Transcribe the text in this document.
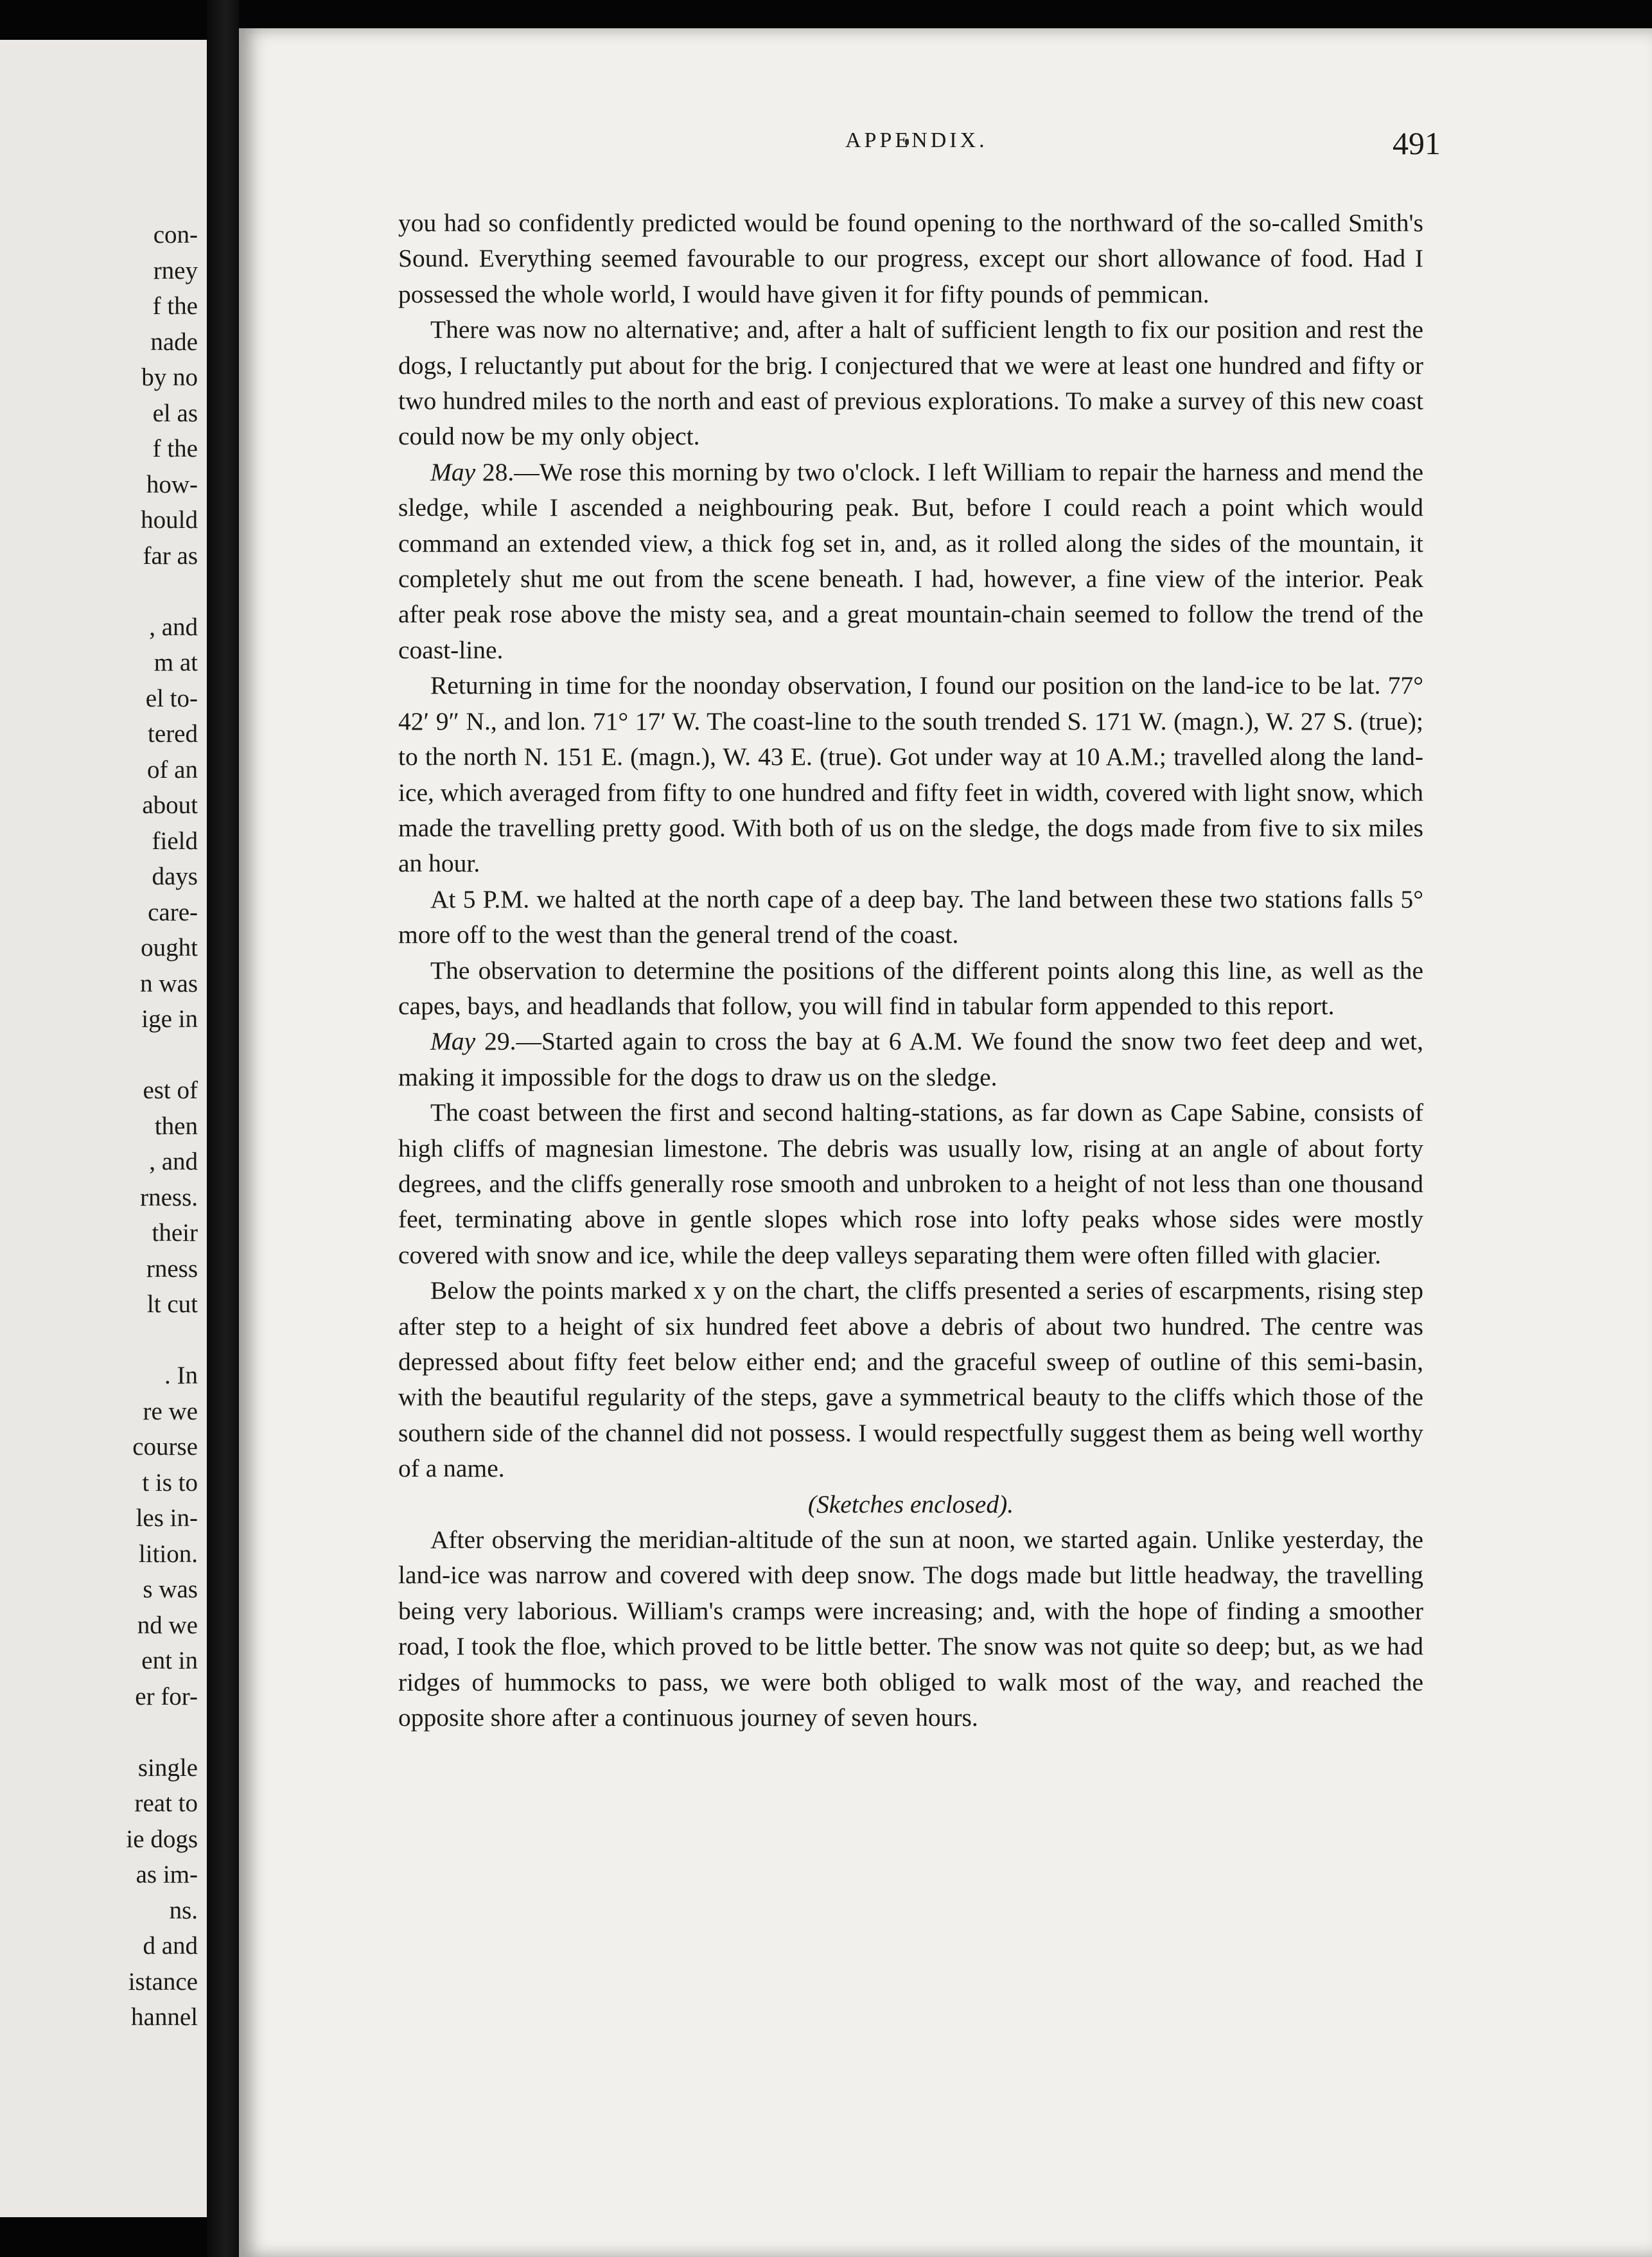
con-
rney
f the
nade
by no
el as
f the
how-
hould
far as
, and
m at
el to-
tered
of an
about
field
days
care-
ought
n was
ige in
est of
then
, and
rness.
their
rness
lt cut
. In
re we
course
t is to
les in-
lition.
s was
nd we
ent in
er for-
single
reat to
ie dogs
as im-
ns.
d and
istance
hannel
APPENDIX.	491

you had so confidently predicted would be found opening to the northward of the so-called Smith's Sound. Everything seemed favourable to our progress, except our short allowance of food. Had I possessed the whole world, I would have given it for fifty pounds of pemmican.

There was now no alternative; and, after a halt of sufficient length to fix our position and rest the dogs, I reluctantly put about for the brig. I conjectured that we were at least one hundred and fifty or two hundred miles to the north and east of previous explorations. To make a survey of this new coast could now be my only object.

May 28.—We rose this morning by two o'clock. I left William to repair the harness and mend the sledge, while I ascended a neighbouring peak. But, before I could reach a point which would command an extended view, a thick fog set in, and, as it rolled along the sides of the mountain, it completely shut me out from the scene beneath. I had, however, a fine view of the interior. Peak after peak rose above the misty sea, and a great mountain-chain seemed to follow the trend of the coast-line.

Returning in time for the noonday observation, I found our position on the land-ice to be lat. 77° 42′ 9″ N., and lon. 71° 17′ W. The coast-line to the south trended S. 171 W. (magn.), W. 27 S. (true); to the north N. 151 E. (magn.), W. 43 E. (true). Got under way at 10 A.M.; travelled along the land-ice, which averaged from fifty to one hundred and fifty feet in width, covered with light snow, which made the travelling pretty good. With both of us on the sledge, the dogs made from five to six miles an hour.

At 5 P.M. we halted at the north cape of a deep bay. The land between these two stations falls 5° more off to the west than the general trend of the coast.

The observation to determine the positions of the different points along this line, as well as the capes, bays, and headlands that follow, you will find in tabular form appended to this report.

May 29.—Started again to cross the bay at 6 A.M. We found the snow two feet deep and wet, making it impossible for the dogs to draw us on the sledge.

The coast between the first and second halting-stations, as far down as Cape Sabine, consists of high cliffs of magnesian limestone. The debris was usually low, rising at an angle of about forty degrees, and the cliffs generally rose smooth and unbroken to a height of not less than one thousand feet, terminating above in gentle slopes which rose into lofty peaks whose sides were mostly covered with snow and ice, while the deep valleys separating them were often filled with glacier.

Below the points marked x y on the chart, the cliffs presented a series of escarpments, rising step after step to a height of six hundred feet above a debris of about two hundred. The centre was depressed about fifty feet below either end; and the graceful sweep of outline of this semi-basin, with the beautiful regularity of the steps, gave a symmetrical beauty to the cliffs which those of the southern side of the channel did not possess. I would respectfully suggest them as being well worthy of a name.

(Sketches enclosed).

After observing the meridian-altitude of the sun at noon, we started again. Unlike yesterday, the land-ice was narrow and covered with deep snow. The dogs made but little headway, the travelling being very laborious. William's cramps were increasing; and, with the hope of finding a smoother road, I took the floe, which proved to be little better. The snow was not quite so deep; but, as we had ridges of hummocks to pass, we were both obliged to walk most of the way, and reached the opposite shore after a continuous journey of seven hours.
